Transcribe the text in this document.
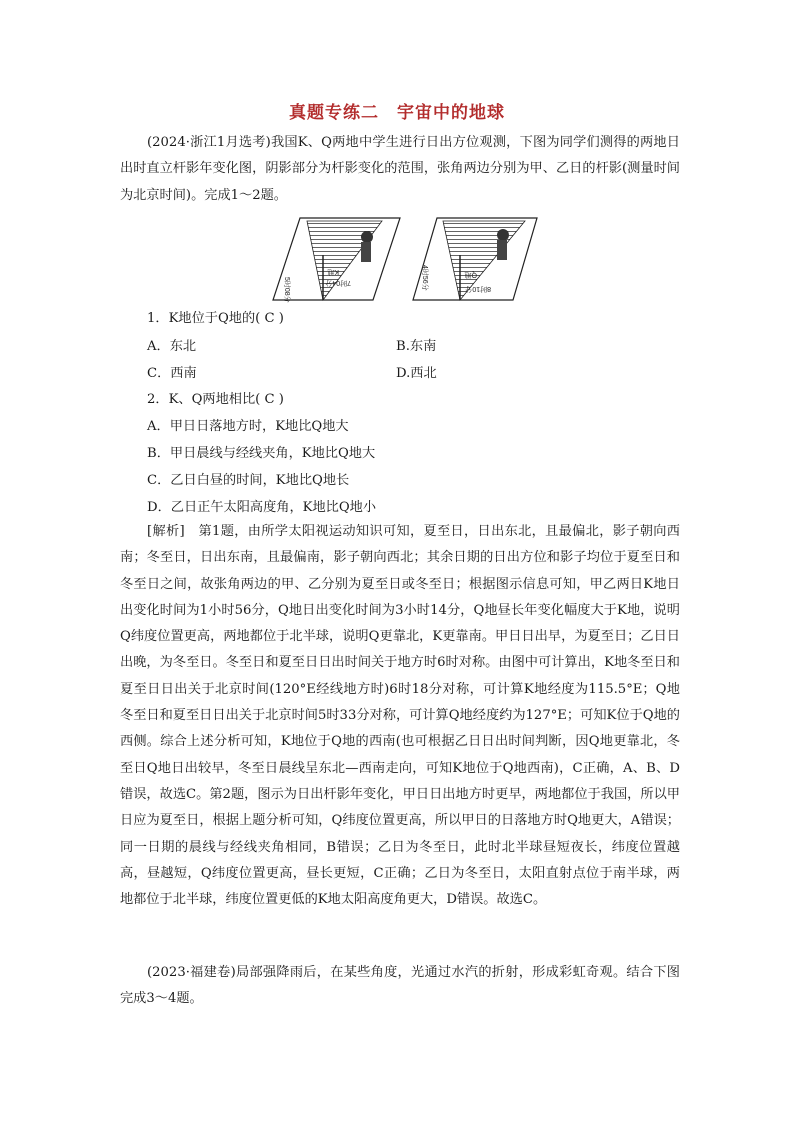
真题专练二 宇宙中的地球

(2024·浙江1月选考)我国K、Q两地中学生进行日出方位观测，下图为同学们测得的两地日出时直立杆影年变化图，阴影部分为杆影变化的范围，张角两边分别为甲、乙日的杆影(测量时间为北京时间)。完成1～2题。

5时08分	7时04分
K地	4时56分	8时10分
Q地
1．K地位于Q地的( C )
A．东北	B.东南
C．西南	D.西北
2．K、Q两地相比( C )
A．甲日日落地方时，K地比Q地大
B．甲日晨线与经线夹角，K地比Q地大
C．乙日白昼的时间，K地比Q地长
D．乙日正午太阳高度角，K地比Q地小

[解析]　第1题，由所学太阳视运动知识可知，夏至日，日出东北，且最偏北，影子朝向西南；冬至日，日出东南，且最偏南，影子朝向西北；其余日期的日出方位和影子均位于夏至日和冬至日之间，故张角两边的甲、乙分别为夏至日或冬至日；根据图示信息可知，甲乙两日K地日出变化时间为1小时56分，Q地日出变化时间为3小时14分，Q地昼长年变化幅度大于K地，说明Q纬度位置更高，两地都位于北半球，说明Q更靠北，K更靠南。甲日日出早，为夏至日；乙日日出晚，为冬至日。冬至日和夏至日日出时间关于地方时6时对称。由图中可计算出，K地冬至日和夏至日日出关于北京时间(120°E经线地方时)6时18分对称，可计算K地经度为115.5°E；Q地冬至日和夏至日日出关于北京时间5时33分对称，可计算Q地经度约为127°E；可知K位于Q地的西侧。综合上述分析可知，K地位于Q地的西南(也可根据乙日日出时间判断，因Q地更靠北，冬至日Q地日出较早，冬至日晨线呈东北—西南走向，可知K地位于Q地西南)，C正确，A、B、D错误，故选C。第2题，图示为日出杆影年变化，甲日日出地方时更早，两地都位于我国，所以甲日应为夏至日，根据上题分析可知，Q纬度位置更高，所以甲日的日落地方时Q地更大，A错误；同一日期的晨线与经线夹角相同，B错误；乙日为冬至日，此时北半球昼短夜长，纬度位置越高，昼越短，Q纬度位置更高，昼长更短，C正确；乙日为冬至日，太阳直射点位于南半球，两地都位于北半球，纬度位置更低的K地太阳高度角更大，D错误。故选C。

(2023·福建卷)局部强降雨后，在某些角度，光通过水汽的折射，形成彩虹奇观。结合下图完成3～4题。
